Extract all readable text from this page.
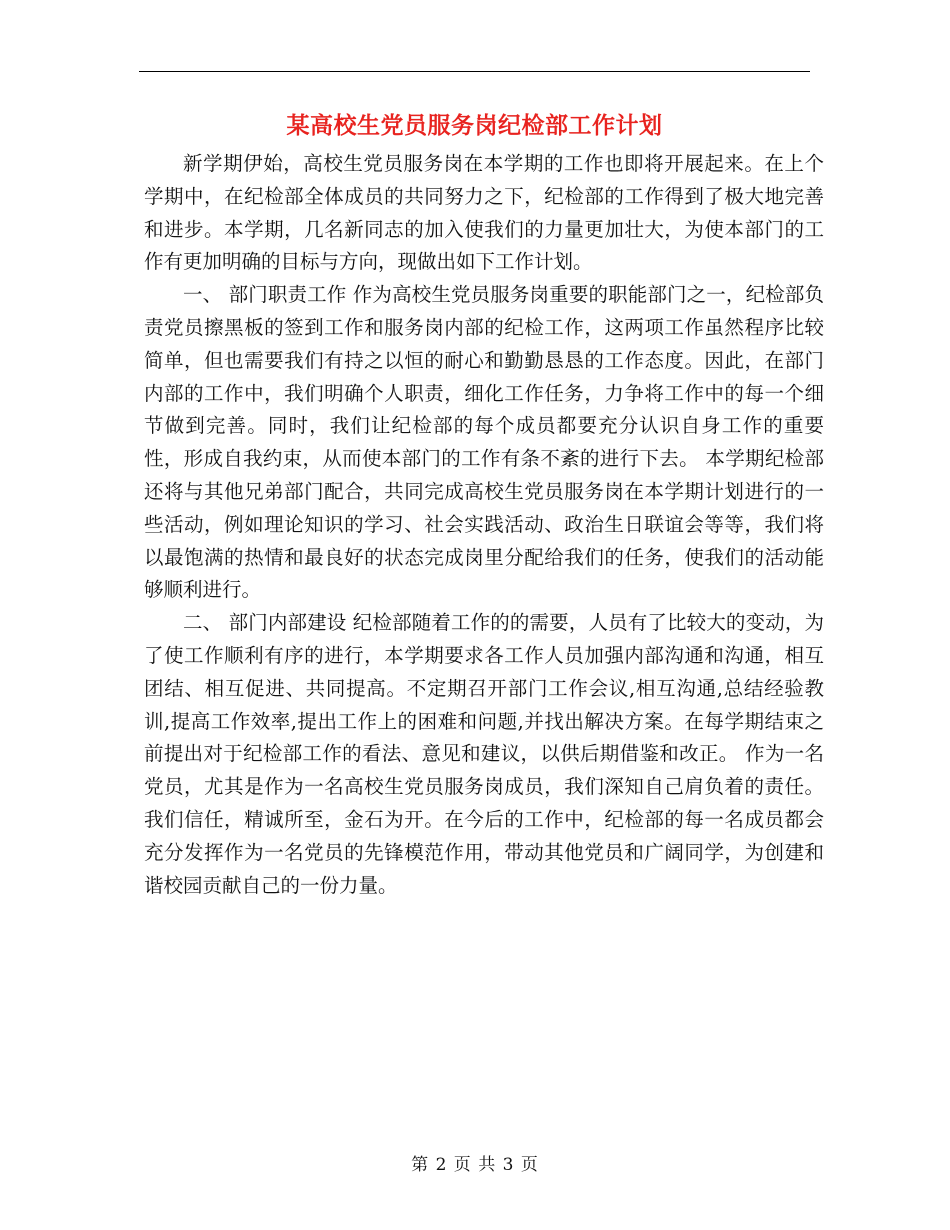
某高校生党员服务岗纪检部工作计划

新学期伊始，高校生党员服务岗在本学期的工作也即将开展起来。在上个学期中，在纪检部全体成员的共同努力之下，纪检部的工作得到了极大地完善和进步。本学期，几名新同志的加入使我们的力量更加壮大，为使本部门的工作有更加明确的目标与方向，现做出如下工作计划。

一、 部门职责工作 作为高校生党员服务岗重要的职能部门之一，纪检部负责党员擦黑板的签到工作和服务岗内部的纪检工作，这两项工作虽然程序比较简单，但也需要我们有持之以恒的耐心和勤勤恳恳的工作态度。因此，在部门内部的工作中，我们明确个人职责，细化工作任务，力争将工作中的每一个细节做到完善。同时，我们让纪检部的每个成员都要充分认识自身工作的重要性，形成自我约束，从而使本部门的工作有条不紊的进行下去。 本学期纪检部还将与其他兄弟部门配合，共同完成高校生党员服务岗在本学期计划进行的一些活动，例如理论知识的学习、社会实践活动、政治生日联谊会等等，我们将以最饱满的热情和最良好的状态完成岗里分配给我们的任务，使我们的活动能够顺利进行。

二、 部门内部建设 纪检部随着工作的的需要，人员有了比较大的变动，为了使工作顺利有序的进行，本学期要求各工作人员加强内部沟通和沟通，相互团结、相互促进、共同提高。不定期召开部门工作会议,相互沟通,总结经验教训,提高工作效率,提出工作上的困难和问题,并找出解决方案。在每学期结束之前提出对于纪检部工作的看法、意见和建议，以供后期借鉴和改正。 作为一名党员，尤其是作为一名高校生党员服务岗成员，我们深知自己肩负着的责任。我们信任，精诚所至，金石为开。在今后的工作中，纪检部的每一名成员都会充分发挥作为一名党员的先锋模范作用，带动其他党员和广阔同学，为创建和谐校园贡献自己的一份力量。

第 2 页 共 3 页
